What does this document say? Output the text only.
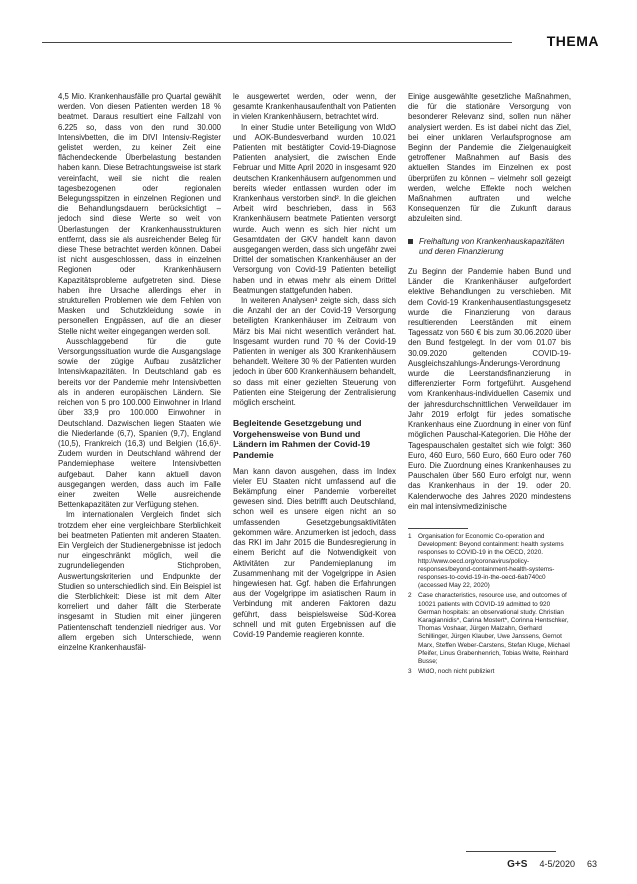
THEMA

4,5 Mio. Krankenhausfälle pro Quartal gewählt werden. Von diesen Patienten werden 18 % beatmet. Daraus resultiert eine Fallzahl von 6.225 so, dass von den rund 30.000 Intensivbetten, die im DIVI Intensiv-Register gelistet werden, zu keiner Zeit eine flächendeckende Überbelastung bestanden haben kann. Diese Betrachtungsweise ist stark vereinfacht, weil sie nicht die realen tagesbezogenen oder regionalen Belegungsspitzen in einzelnen Regionen und die Behandlungsdauern berücksichtigt – jedoch sind diese Werte so weit von Überlastungen der Krankenhausstrukturen entfernt, dass sie als ausreichender Beleg für diese These betrachtet werden können. Dabei ist nicht ausgeschlossen, dass in einzelnen Regionen oder Krankenhäusern Kapazitätsprobleme aufgetreten sind. Diese haben ihre Ursache allerdings eher in strukturellen Problemen wie dem Fehlen von Masken und Schutzkleidung sowie in personellen Engpässen, auf die an dieser Stelle nicht weiter eingegangen werden soll.

Ausschlaggebend für die gute Versorgungssituation wurde die Ausgangslage sowie der zügige Aufbau zusätzlicher Intensivkapazitäten. In Deutschland gab es bereits vor der Pandemie mehr Intensivbetten als in anderen europäischen Ländern. Sie reichen von 5 pro 100.000 Einwohner in Irland über 33,9 pro 100.000 Einwohner in Deutschland. Dazwischen liegen Staaten wie die Niederlande (6,7), Spanien (9,7), England (10,5), Frankreich (16,3) und Belgien (16,6)¹. Zudem wurden in Deutschland während der Pandemiephase weitere Intensivbetten aufgebaut. Daher kann aktuell davon ausgegangen werden, dass auch im Falle einer zweiten Welle ausreichende Bettenkapazitäten zur Verfügung stehen.

Im internationalen Vergleich findet sich trotzdem eher eine vergleichbare Sterblichkeit bei beatmeten Patienten mit anderen Staaten. Ein Vergleich der Studienergebnisse ist jedoch nur eingeschränkt möglich, weil die zugrundeliegenden Stichproben, Auswertungskriterien und Endpunkte der Studien so unterschiedlich sind. Ein Beispiel ist die Sterblichkeit: Diese ist mit dem Alter korreliert und daher fällt die Sterberate insgesamt in Studien mit einer jüngeren Patientenschaft tendenziell niedriger aus. Vor allem ergeben sich Unterschiede, wenn einzelne Krankenhausfäl-

le ausgewertet werden, oder wenn, der gesamte Krankenhausaufenthalt von Patienten in vielen Krankenhäusern, betrachtet wird.

In einer Studie unter Beteiligung von WIdO und AOK-Bundesverband wurden 10.021 Patienten mit bestätigter Covid-19-Diagnose Patienten analysiert, die zwischen Ende Februar und Mitte April 2020 in insgesamt 920 deutschen Krankenhäusern aufgenommen und bereits wieder entlassen wurden oder im Krankenhaus verstorben sind². In die gleichen Arbeit wird beschrieben, dass in 563 Krankenhäusern beatmete Patienten versorgt wurde. Auch wenn es sich hier nicht um Gesamtdaten der GKV handelt kann davon ausgegangen werden, dass sich ungefähr zwei Drittel der somatischen Krankenhäuser an der Versorgung von Covid-19 Patienten beteiligt haben und in etwas mehr als einem Drittel Beatmungen stattgefunden haben.

In weiteren Analysen³ zeigte sich, dass sich die Anzahl der an der Covid-19 Versorgung beteiligten Krankenhäuser im Zeitraum von März bis Mai nicht wesentlich verändert hat. Insgesamt wurden rund 70 % der Covid-19 Patienten in weniger als 300 Krankenhäusern behandelt. Weitere 30 % der Patienten wurden jedoch in über 600 Krankenhäusern behandelt, so dass mit einer gezielten Steuerung von Patienten eine Steigerung der Zentralisierung möglich erscheint.

Begleitende Gesetzgebung und Vorgehensweise von Bund und Ländern im Rahmen der Covid-19 Pandemie

Man kann davon ausgehen, dass im Index vieler EU Staaten nicht umfassend auf die Bekämpfung einer Pandemie vorbereitet gewesen sind. Dies betrifft auch Deutschland, schon weil es unsere eigen nicht an so umfassenden Gesetzgebungsaktivitäten gekommen wäre. Anzumerken ist jedoch, dass das RKI im Jahr 2015 die Bundesregierung in einem Bericht auf die Notwendigkeit von Aktivitäten zur Pandemieplanung im Zusammenhang mit der Vogelgrippe in Asien hingewiesen hat. Ggf. haben die Erfahrungen aus der Vogelgrippe im asiatischen Raum in Verbindung mit anderen Faktoren dazu geführt, dass beispielsweise Süd-Korea schnell und mit guten Ergebnissen auf die Covid-19 Pandemie reagieren konnte.

Einige ausgewählte gesetzliche Maßnahmen, die für die stationäre Versorgung von besonderer Relevanz sind, sollen nun näher analysiert werden. Es ist dabei nicht das Ziel, bei einer unklaren Verlaufsprognose am Beginn der Pandemie die Zielgenauigkeit getroffener Maßnahmen auf Basis des aktuellen Standes im Einzelnen ex post überprüfen zu können – vielmehr soll gezeigt werden, welche Effekte noch welchen Maßnahmen auftraten und welche Konsequenzen für die Zukunft daraus abzuleiten sind.

Freihaltung von Krankenhauskapazitäten und deren Finanzierung

Zu Beginn der Pandemie haben Bund und Länder die Krankenhäuser aufgefordert elektive Behandlungen zu verschieben. Mit dem Covid-19 Krankenhausentlastungsgesetz wurde die Finanzierung von daraus resultierenden Leerständen mit einem Tagessatz von 560 € bis zum 30.06.2020 über den Bund festgelegt. In der vom 01.07 bis 30.09.2020 geltenden COVID-19-Ausgleichszahlungs-Änderungs-Verordnung wurde die Leerstandsfinanzierung in differenzierter Form fortgeführt. Ausgehend vom Krankenhaus-individuellen Casemix und der jahresdurchschnittlichen Verweildauer im Jahr 2019 erfolgt für jedes somatische Krankenhaus eine Zuordnung in einer von fünf möglichen Pauschal-Kategorien. Die Höhe der Tagespauschalen gestaltet sich wie folgt: 360 Euro, 460 Euro, 560 Euro, 660 Euro oder 760 Euro. Die Zuordnung eines Krankenhauses zu Pauschalen über 560 Euro erfolgt nur, wenn das Krankenhaus in der 19. oder 20. Kalenderwoche des Jahres 2020 mindestens ein mal intensivmedizinische

1	Organisation for Economic Co-operation and Development: Beyond containment: health systems responses to COVID-19 in the OECD, 2020. http://www.oecd.org/coronavirus/policy-responses/beyond-containment-health-systems-responses-to-covid-19-in-the-oecd-6ab740c0 (accessed May 22, 2020)
2	Case characteristics, resource use, and outcomes of 10021 patients with COVID-19 admitted to 920 German hospitals: an observational study. Christian Karagiannidis*, Carina Mostert*, Corinna Hentschker, Thomas Voshaar, Jürgen Malzahn, Gerhard Schillinger, Jürgen Klauber, Uwe Janssens, Gernot Marx, Steffen Weber-Carstens, Stefan Kluge, Michael Pfeifer, Linus Grabenhenrich, Tobias Welte, Reinhard Busse;
3	WIdO, noch nicht publiziert
G+S 4-5/2020 63
